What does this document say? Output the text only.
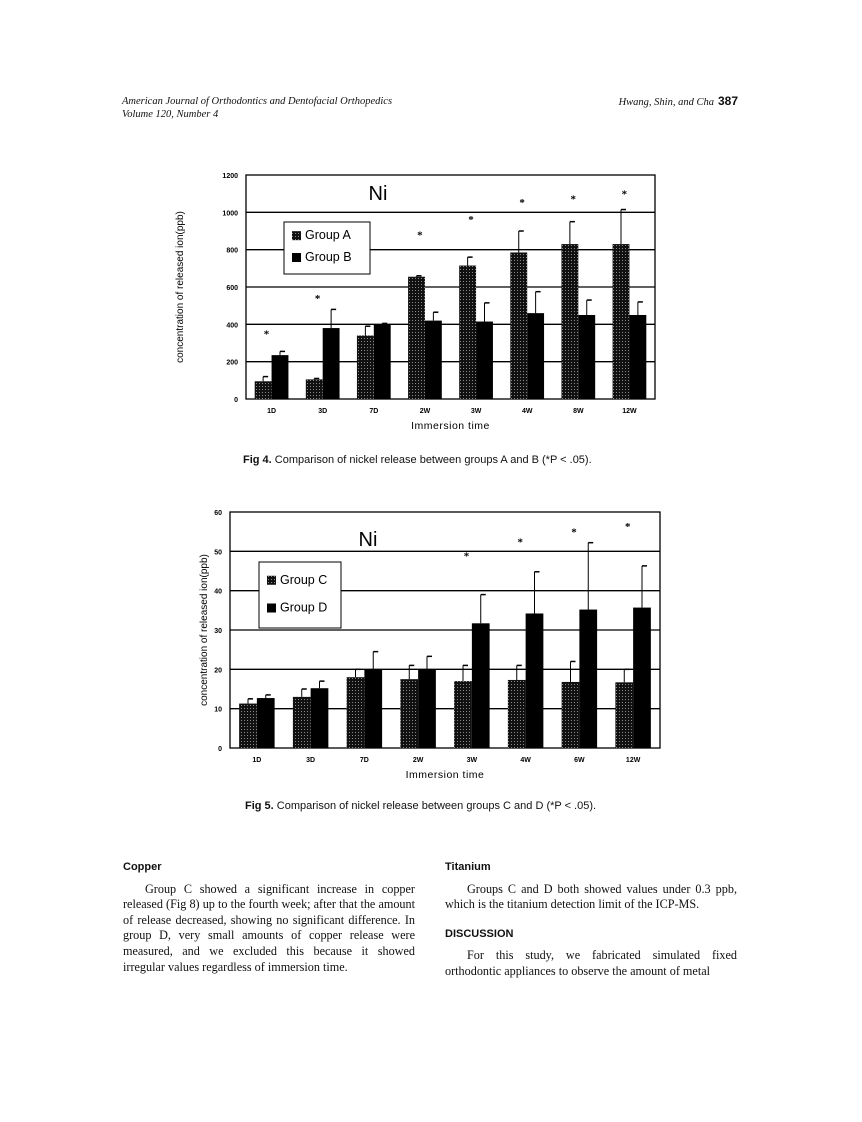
American Journal of Orthodontics and Dentofacial Orthopedics
Volume 120, Number 4
Hwang, Shin, and Cha 387
0
200
400
600
800
1000
1200
1D	3D	7D	2W	3W	4W	8W	12W
*
*
*
*
*	*	*
Ni
Group A
Group B
Immersion time
concentration of released ion(ppb)
Fig 4. Comparison of nickel release between groups A and B (*P < .05).
0
10
20
30
40
50
60
1D	3D	7D	2W	3W	4W	6W	12W
*
*
*	*
Ni
Group C
Group D
Immersion time
concentration of released ion(ppb)
Fig 5. Comparison of nickel release between groups C and D (*P < .05).
Copper

Group C showed a significant increase in copper released (Fig 8) up to the fourth week; after that the amount of release decreased, showing no significant difference. In group D, very small amounts of copper release were measured, and we excluded this because it showed irregular values regardless of immersion time.

Titanium

Groups C and D both showed values under 0.3 ppb, which is the titanium detection limit of the ICP-MS.

DISCUSSION

For this study, we fabricated simulated fixed orthodontic appliances to observe the amount of metal
